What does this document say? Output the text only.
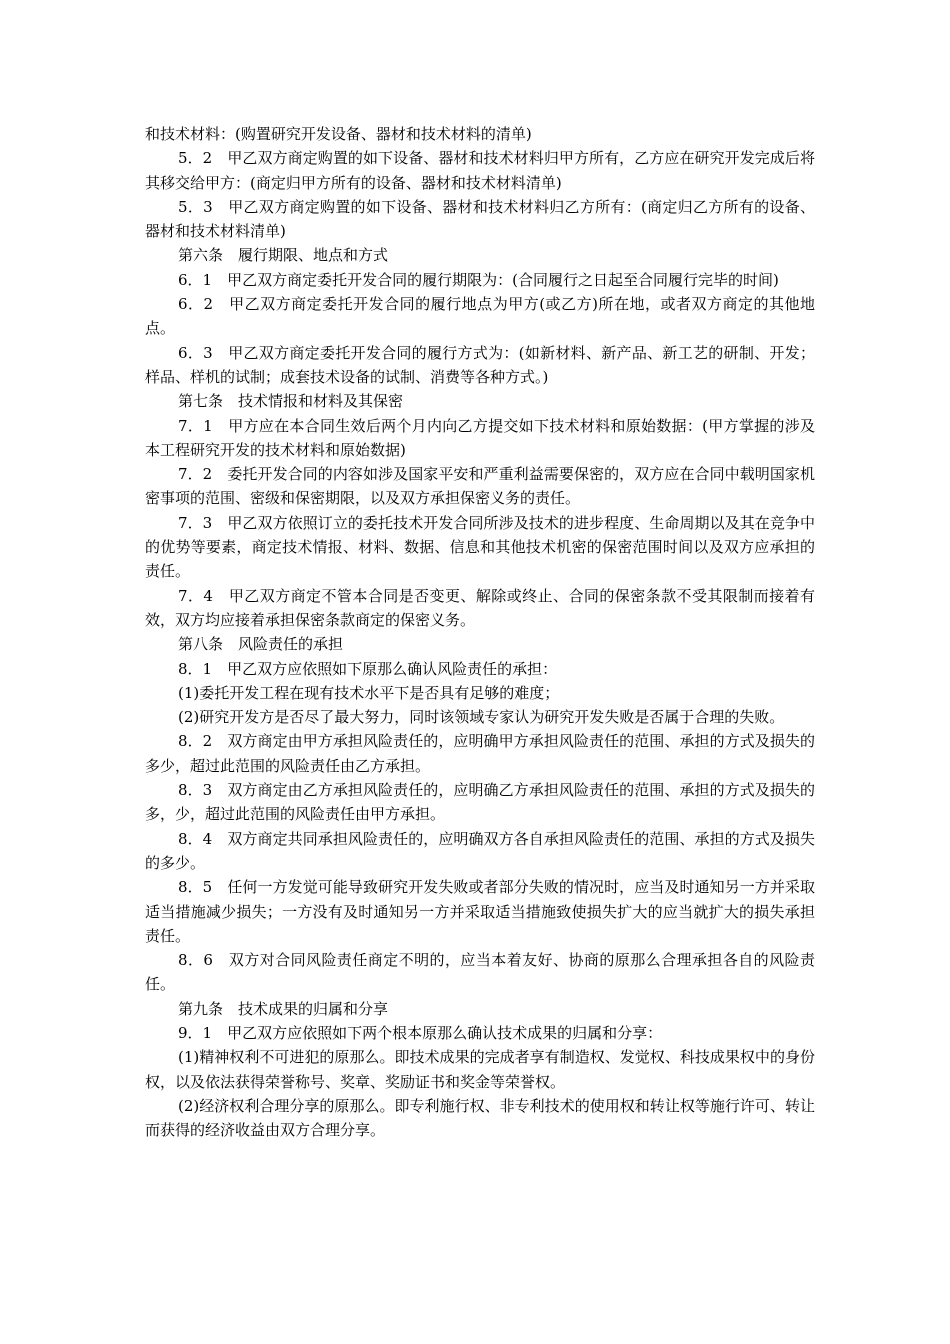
和技术材料：(购置研究开发设备、器材和技术材料的清单)

5．2　甲乙双方商定购置的如下设备、器材和技术材料归甲方所有，乙方应在研究开发完成后将其移交给甲方：(商定归甲方所有的设备、器材和技术材料清单)

5．3　甲乙双方商定购置的如下设备、器材和技术材料归乙方所有：(商定归乙方所有的设备、器材和技术材料清单)

第六条　履行期限、地点和方式

6．1　甲乙双方商定委托开发合同的履行期限为：(合同履行之日起至合同履行完毕的时间)

6．2　甲乙双方商定委托开发合同的履行地点为甲方(或乙方)所在地，或者双方商定的其他地点。

6．3　甲乙双方商定委托开发合同的履行方式为：(如新材料、新产品、新工艺的研制、开发；样品、样机的试制；成套技术设备的试制、消费等各种方式。)

第七条　技术情报和材料及其保密

7．1　甲方应在本合同生效后两个月内向乙方提交如下技术材料和原始数据：(甲方掌握的涉及本工程研究开发的技术材料和原始数据)

7．2　委托开发合同的内容如涉及国家平安和严重利益需要保密的，双方应在合同中载明国家机密事项的范围、密级和保密期限，以及双方承担保密义务的责任。

7．3　甲乙双方依照订立的委托技术开发合同所涉及技术的进步程度、生命周期以及其在竞争中的优势等要素，商定技术情报、材料、数据、信息和其他技术机密的保密范围时间以及双方应承担的责任。

7．4　甲乙双方商定不管本合同是否变更、解除或终止、合同的保密条款不受其限制而接着有效，双方均应接着承担保密条款商定的保密义务。

第八条　风险责任的承担

8．1　甲乙双方应依照如下原那么确认风险责任的承担：

(1)委托开发工程在现有技术水平下是否具有足够的难度；

(2)研究开发方是否尽了最大努力，同时该领域专家认为研究开发失败是否属于合理的失败。

8．2　双方商定由甲方承担风险责任的，应明确甲方承担风险责任的范围、承担的方式及损失的多少，超过此范围的风险责任由乙方承担。

8．3　双方商定由乙方承担风险责任的，应明确乙方承担风险责任的范围、承担的方式及损失的多，少，超过此范围的风险责任由甲方承担。

8．4　双方商定共同承担风险责任的，应明确双方各自承担风险责任的范围、承担的方式及损失的多少。

8．5　任何一方发觉可能导致研究开发失败或者部分失败的情况时，应当及时通知另一方并采取适当措施减少损失；一方没有及时通知另一方并采取适当措施致使损失扩大的应当就扩大的损失承担责任。

8．6　双方对合同风险责任商定不明的，应当本着友好、协商的原那么合理承担各自的风险责任。

第九条　技术成果的归属和分享

9．1　甲乙双方应依照如下两个根本原那么确认技术成果的归属和分享：

(1)精神权利不可进犯的原那么。即技术成果的完成者享有制造权、发觉权、科技成果权中的身份权，以及依法获得荣誉称号、奖章、奖励证书和奖金等荣誉权。

(2)经济权利合理分享的原那么。即专利施行权、非专利技术的使用权和转让权等施行许可、转让而获得的经济收益由双方合理分享。
